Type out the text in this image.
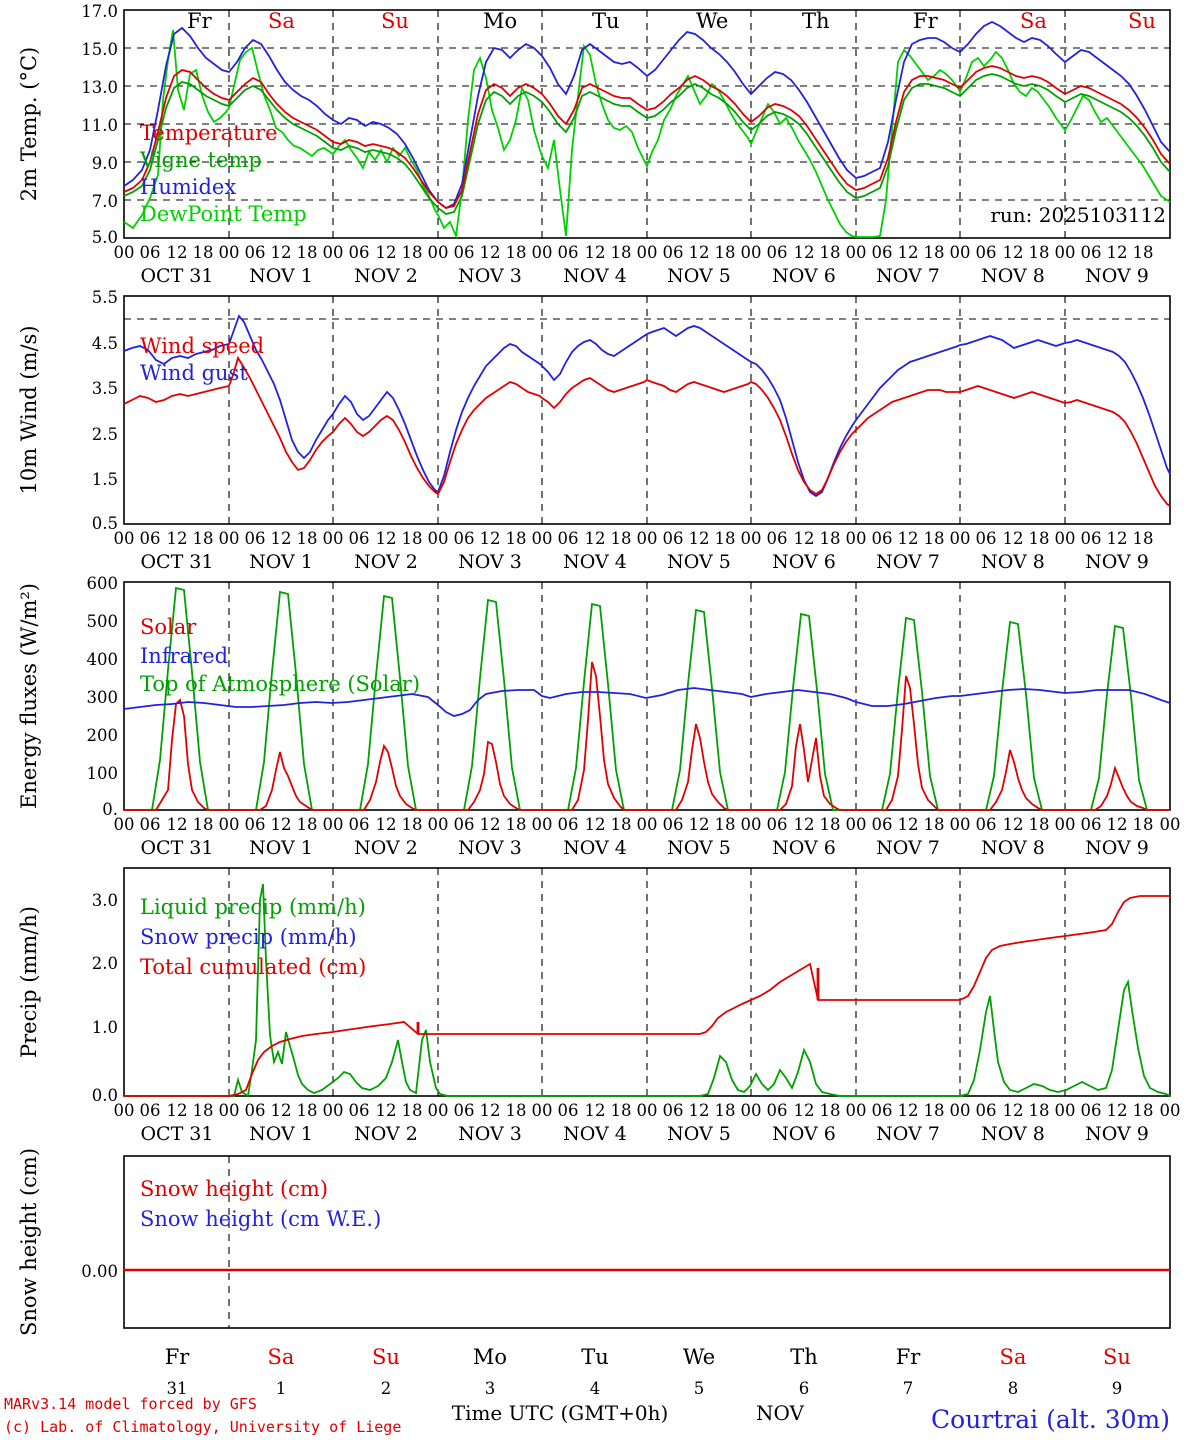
17.0
15.0
13.0
11.0
9.0
7.0
5.0
2m Temp. (°C)
Fr	Sa	Su	Mo	Tu	We	Th	Fr	Sa	Su
Temperature
Vigne temp
Humidex
DewPoint Temp	run: 2025103112
00 06 12 18 00 06 12 18 00 06 12 18 00 06 12 18 00 06 12 18 00 06 12 18 00 06 12 18 00 06 12 18 00 06 12 18 00 06 12 18
OCT 31 NOV 1 NOV 2 NOV 3 NOV 4 NOV 5 NOV 6 NOV 7 NOV 8 NOV 9
5.5
4.5
3.5
2.5
1.5
0.5
10m Wind (m/s)	Wind speed
Wind gust
00 06 12 18 00 06 12 18 00 06 12 18 00 06 12 18 00 06 12 18 00 06 12 18 00 06 12 18 00 06 12 18 00 06 12 18 00 06 12 18
OCT 31 NOV 1 NOV 2 NOV 3 NOV 4 NOV 5 NOV 6 NOV 7 NOV 8 NOV 9
600
500
400
300
200
100
0.
Energy fluxes (W/m²)	Solar
Infrared
Top of Atmosphere (Solar)
00 06 12 18 00 06 12 18 00 06 12 18 00 06 12 18 00 06 12 18 00 06 12 18 00 06 12 18 00 06 12 18 00 06 12 18 00 06 12 18 00
OCT 31 NOV 1 NOV 2 NOV 3 NOV 4 NOV 5 NOV 6 NOV 7 NOV 8 NOV 9
3.0
2.0
1.0
0.0
Precip (mm/h)	Liquid precip (mm/h)
Snow precip (mm/h)
Total cumulated (cm)
00 06 12 18 00 06 12 18 00 06 12 18 00 06 12 18 00 06 12 18 00 06 12 18 00 06 12 18 00 06 12 18 00 06 12 18 00 06 12 18 00
OCT 31 NOV 1 NOV 2 NOV 3 NOV 4 NOV 5 NOV 6 NOV 7 NOV 8 NOV 9
0.00
Snow height (cm)	Snow height (cm)
Snow height (cm W.E.)
Fr	Sa	Su	Mo	Tu	We	Th	Fr	Sa	Su
31	1	2	3	4	5	6	7	8	9
Time UTC (GMT+0h)	NOV
MARv3.14 model forced by GFS
(c) Lab. of Climatology, University of Liege	Courtrai (alt. 30m)
